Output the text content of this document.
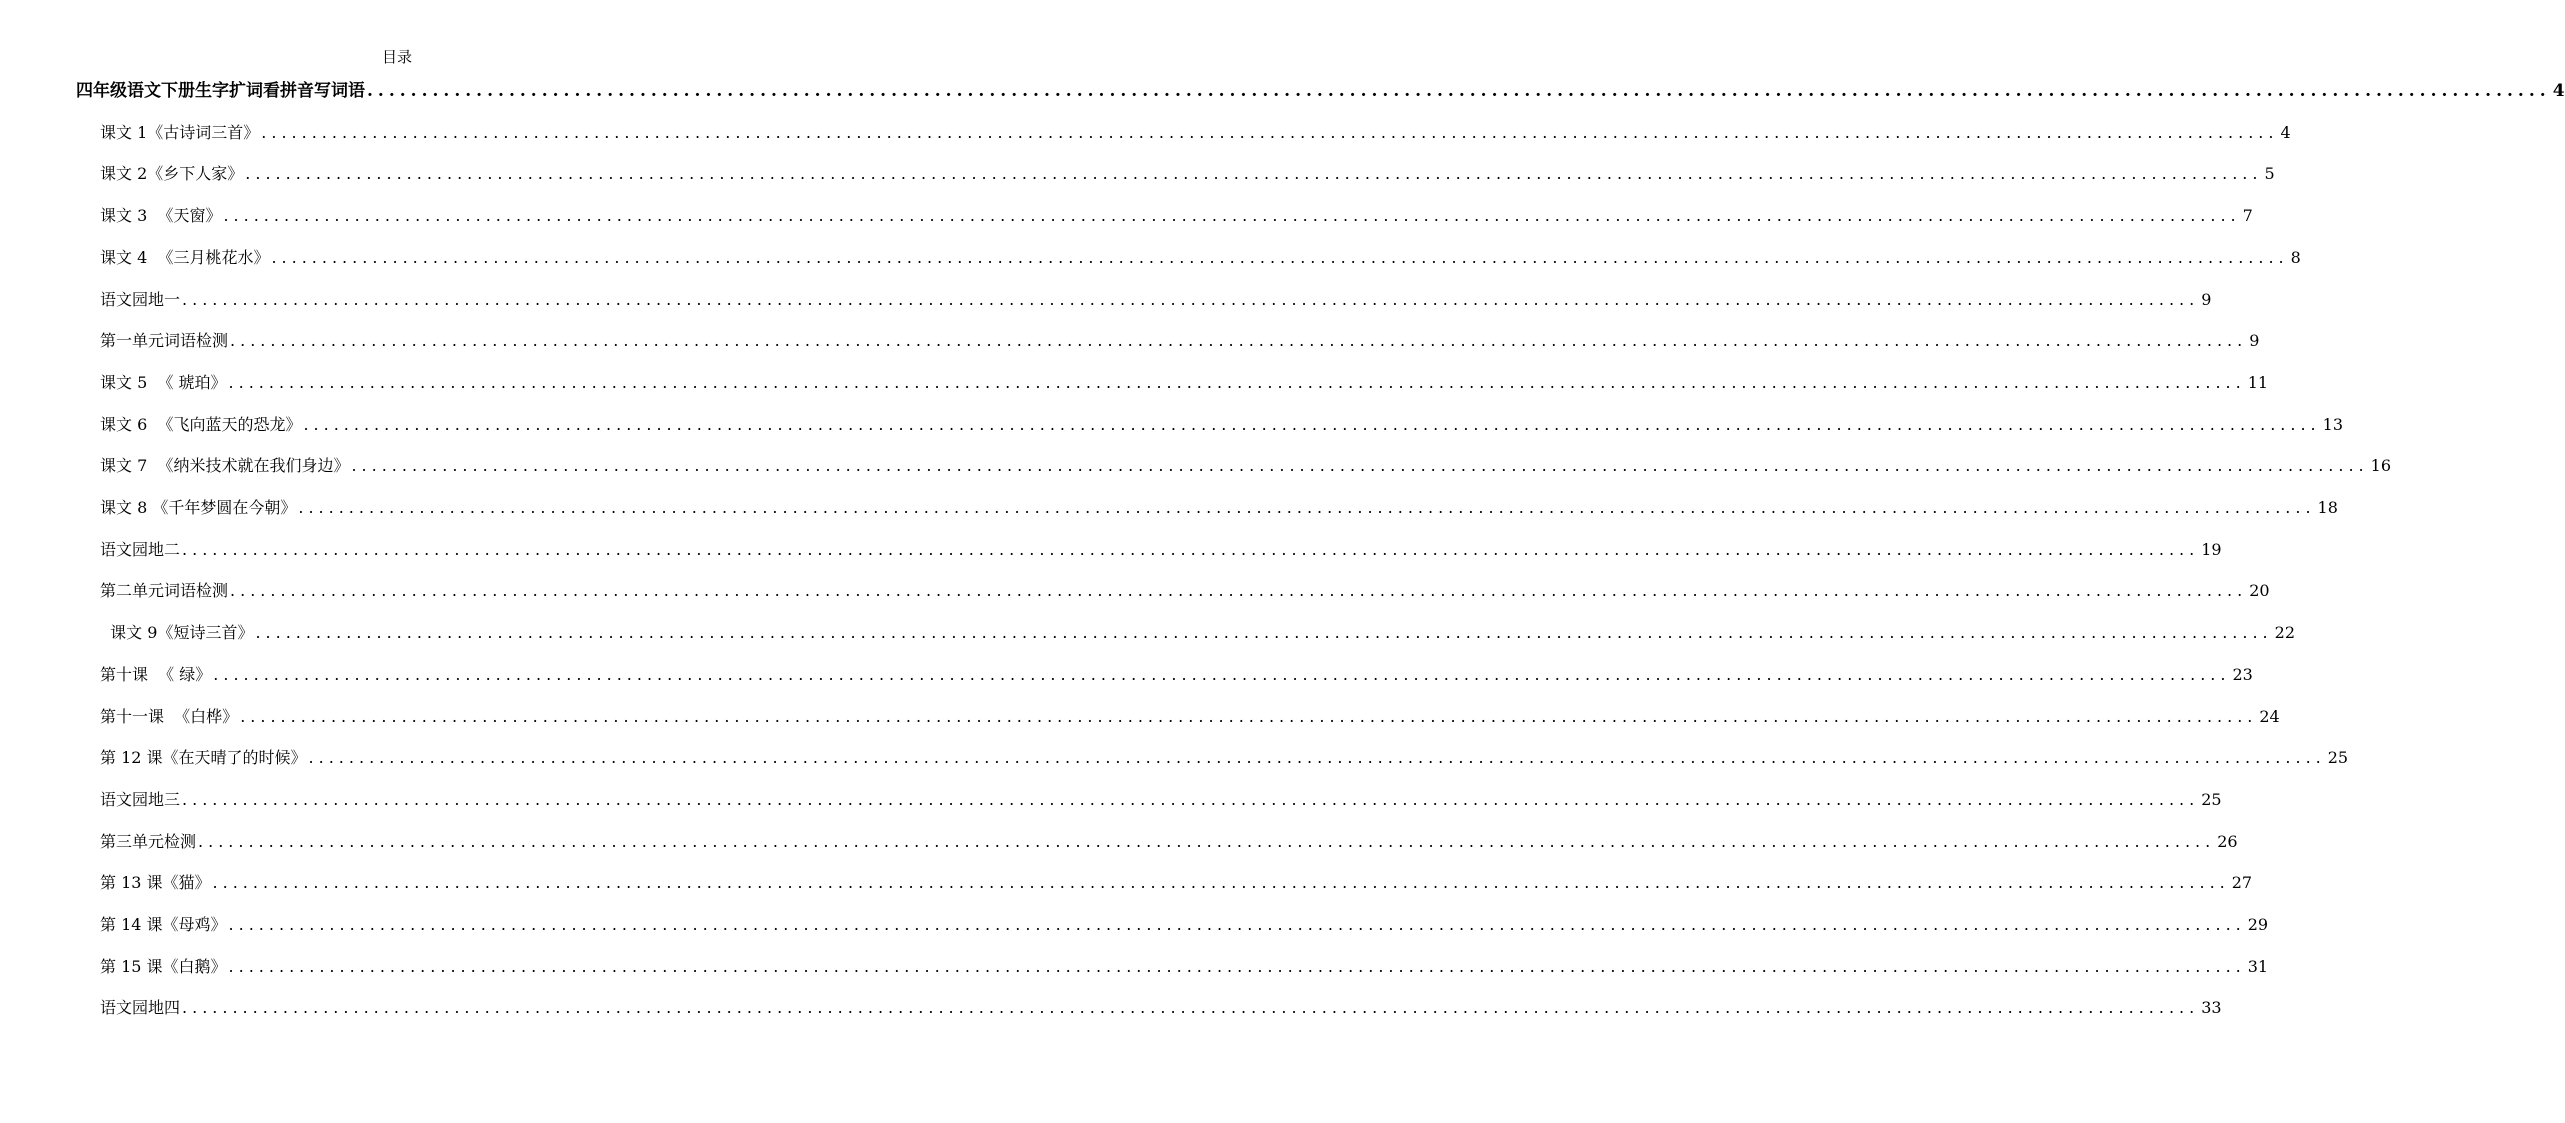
目录
四年级语文下册生字扩词看拼音写词语 ........................................................................................................................................................................................................ 4
课文 1《古诗词三首》 ........................................................................................................................................................................................................ 4
课文 2《乡下人家》 ........................................................................................................................................................................................................ 5
课文 3  《天窗》 ........................................................................................................................................................................................................ 7
课文 4  《三月桃花水》 ........................................................................................................................................................................................................ 8
语文园地一 ........................................................................................................................................................................................................ 9
第一单元词语检测 ........................................................................................................................................................................................................ 9
课文 5  《 琥珀》 ........................................................................................................................................................................................................ 11
课文 6  《飞向蓝天的恐龙》 ........................................................................................................................................................................................................ 13
课文 7  《纳米技术就在我们身边》 ........................................................................................................................................................................................................ 16
课文 8 《千年梦圆在今朝》 ........................................................................................................................................................................................................ 18
语文园地二 ........................................................................................................................................................................................................ 19
第二单元词语检测 ........................................................................................................................................................................................................ 20
课文 9《短诗三首》 ........................................................................................................................................................................................................ 22
第十课  《 绿》 ........................................................................................................................................................................................................ 23
第十一课  《白桦》 ........................................................................................................................................................................................................ 24
第 12 课《在天晴了的时候》 ........................................................................................................................................................................................................ 25
语文园地三 ........................................................................................................................................................................................................ 25
第三单元检测 ........................................................................................................................................................................................................ 26
第 13 课《猫》 ........................................................................................................................................................................................................ 27
第 14 课《母鸡》 ........................................................................................................................................................................................................ 29
第 15 课《白鹅》 ........................................................................................................................................................................................................ 31
语文园地四 ........................................................................................................................................................................................................ 33
